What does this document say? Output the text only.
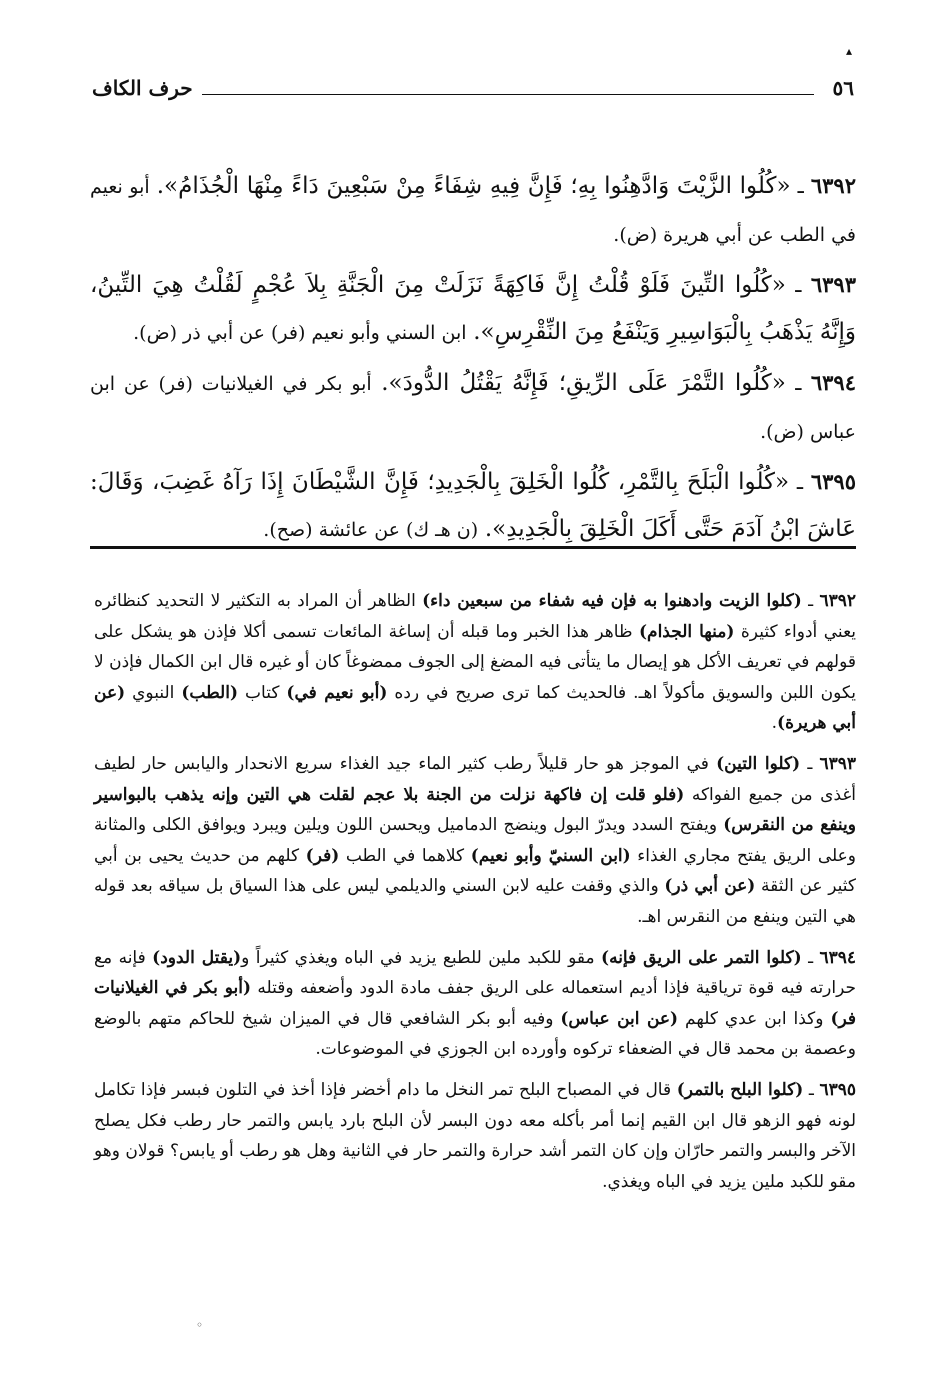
▴
٥٦
حرف الكاف

٦٣٩٢ ـ «كُلُوا الزَّيْتَ وَادَّهِنُوا بِهِ؛ فَإِنَّ فِيهِ شِفَاءً مِنْ سَبْعِينَ دَاءً مِنْهَا الْجُذَامُ». أبو نعيم في الطب عن أبي هريرة (ض).

٦٣٩٣ ـ «كُلُوا التِّينَ فَلَوْ قُلْتُ إِنَّ فَاكِهَةً نَزَلَتْ مِنَ الْجَنَّةِ بِلاَ عُجْمٍ لَقُلْتُ هِيَ التِّينُ، وَإِنَّهُ يَذْهَبُ بِالْبَوَاسِيرِ وَيَنْفَعُ مِنَ النِّقْرِسِ». ابن السني وأبو نعيم (فر) عن أبي ذر (ض).

٦٣٩٤ ـ «كُلُوا التَّمْرَ عَلَى الرِّيقِ؛ فَإِنَّهُ يَقْتُلُ الدُّودَ». أبو بكر في الغيلانيات (فر) عن ابن عباس (ض).

٦٣٩٥ ـ «كُلُوا الْبَلَحَ بِالتَّمْرِ، كُلُوا الْخَلِقَ بِالْجَدِيدِ؛ فَإِنَّ الشَّيْطَانَ إِذَا رَآهُ غَضِبَ، وَقَالَ: عَاشَ ابْنُ آدَمَ حَتَّى أَكَلَ الْخَلِقَ بِالْجَدِيدِ». (ن هـ ك) عن عائشة (صح).

٦٣٩٢ ـ (كلوا الزيت وادهنوا به فإن فيه شفاء من سبعين داء) الظاهر أن المراد به التكثير لا التحديد كنظائره يعني أدواء كثيرة (منها الجذام) ظاهر هذا الخبر وما قبله أن إساغة المائعات تسمى أكلا فإذن هو يشكل على قولهم في تعريف الأكل هو إيصال ما يتأتى فيه المضغ إلى الجوف ممضوغاً كان أو غيره قال ابن الكمال فإذن لا يكون اللبن والسويق مأكولاً اهـ. فالحديث كما ترى صريح في رده (أبو نعيم في) كتاب (الطب) النبوي (عن أبي هريرة).

٦٣٩٣ ـ (كلوا التين) في الموجز هو حار قليلاً رطب كثير الماء جيد الغذاء سريع الانحدار واليابس حار لطيف أغذى من جميع الفواكه (فلو قلت إن فاكهة نزلت من الجنة بلا عجم لقلت هي التين وإنه يذهب بالبواسير وينفع من النقرس) ويفتح السدد ويدرّ البول وينضج الدماميل ويحسن اللون ويلين ويبرد ويوافق الكلى والمثانة وعلى الريق يفتح مجاري الغذاء (ابن السنيّ وأبو نعيم) كلاهما في الطب (فر) كلهم من حديث يحيى بن أبي كثير عن الثقة (عن أبي ذر) والذي وقفت عليه لابن السني والديلمي ليس على هذا السياق بل سياقه بعد قوله هي التين وينفع من النقرس اهـ.

٦٣٩٤ ـ (كلوا التمر على الريق فإنه) مقو للكبد ملين للطبع يزيد في الباه ويغذي كثيراً و(يقتل الدود) فإنه مع حرارته فيه قوة ترياقية فإذا أديم استعماله على الريق جفف مادة الدود وأضعفه وقتله (أبو بكر في الغيلانيات فر) وكذا ابن عدي كلهم (عن ابن عباس) وفيه أبو بكر الشافعي قال في الميزان شيخ للحاكم متهم بالوضع وعصمة بن محمد قال في الضعفاء تركوه وأورده ابن الجوزي في الموضوعات.

٦٣٩٥ ـ (كلوا البلح بالتمر) قال في المصباح البلح تمر النخل ما دام أخضر فإذا أخذ في التلون فبسر فإذا تكامل لونه فهو الزهو قال ابن القيم إنما أمر بأكله معه دون البسر لأن البلح بارد يابس والتمر حار رطب فكل يصلح الآخر والبسر والتمر حارّان وإن كان التمر أشد حرارة والتمر حار في الثانية وهل هو رطب أو يابس؟ قولان وهو مقو للكبد ملين يزيد في الباه ويغذي.

◦
